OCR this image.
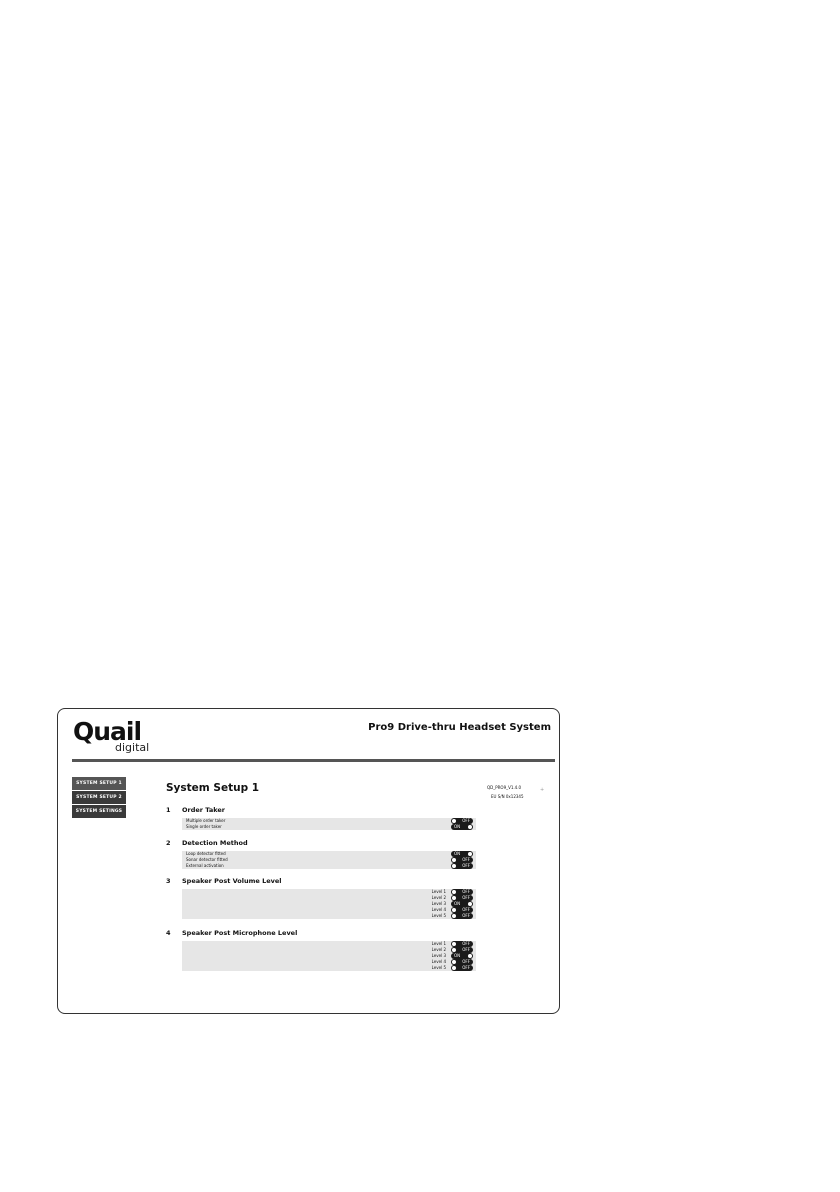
Quail
digital
Pro9 Drive-thru Headset System
SYSTEM SETUP 1
SYSTEM SETUP 2
SYSTEM SETINGS
System Setup 1	QD_PRO9_V1.4.0
EU S/N 0x12345
+
1 Order Taker
Multiple order taker	OFF
Single order taker	ON
2 Detection Method
Loop detector fitted	ON
Sonar detector fitted	OFF
External activation	OFF
3 Speaker Post Volume Level
Level 1	OFF
Level 2	OFF
Level 3 ON
Level 4	OFF
Level 5	OFF
4 Speaker Post Microphone Level
Level 1	OFF
Level 2	OFF
Level 3 ON
Level 4	OFF
Level 5	OFF
